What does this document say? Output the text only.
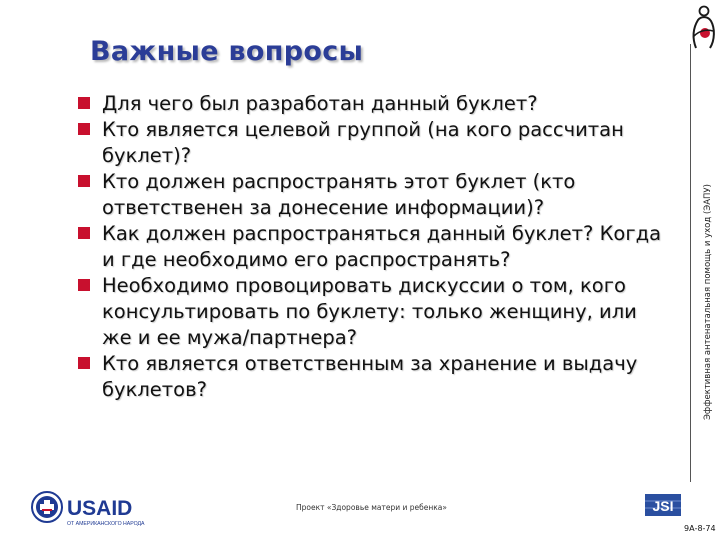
Важные вопросы
Эффективная антенатальная помощь и уход (ЭАПУ)
Для чего был разработан данный буклет?
Кто является целевой группой (на кого рассчитан буклет)?
Кто должен распространять этот буклет (кто ответственен за донесение информации)?
Как должен распространяться данный буклет? Когда и где необходимо его распространять?
Необходимо провоцировать дискуссии о том, кого консультировать по буклету: только женщину, или же и ее мужа/партнера?
Кто является ответственным за хранение и выдачу буклетов?
USAID
ОТ АМЕРИКАНСКОГО НАРОДА
Проект «Здоровье матери и ребенка»	JSI
9А-8-74
